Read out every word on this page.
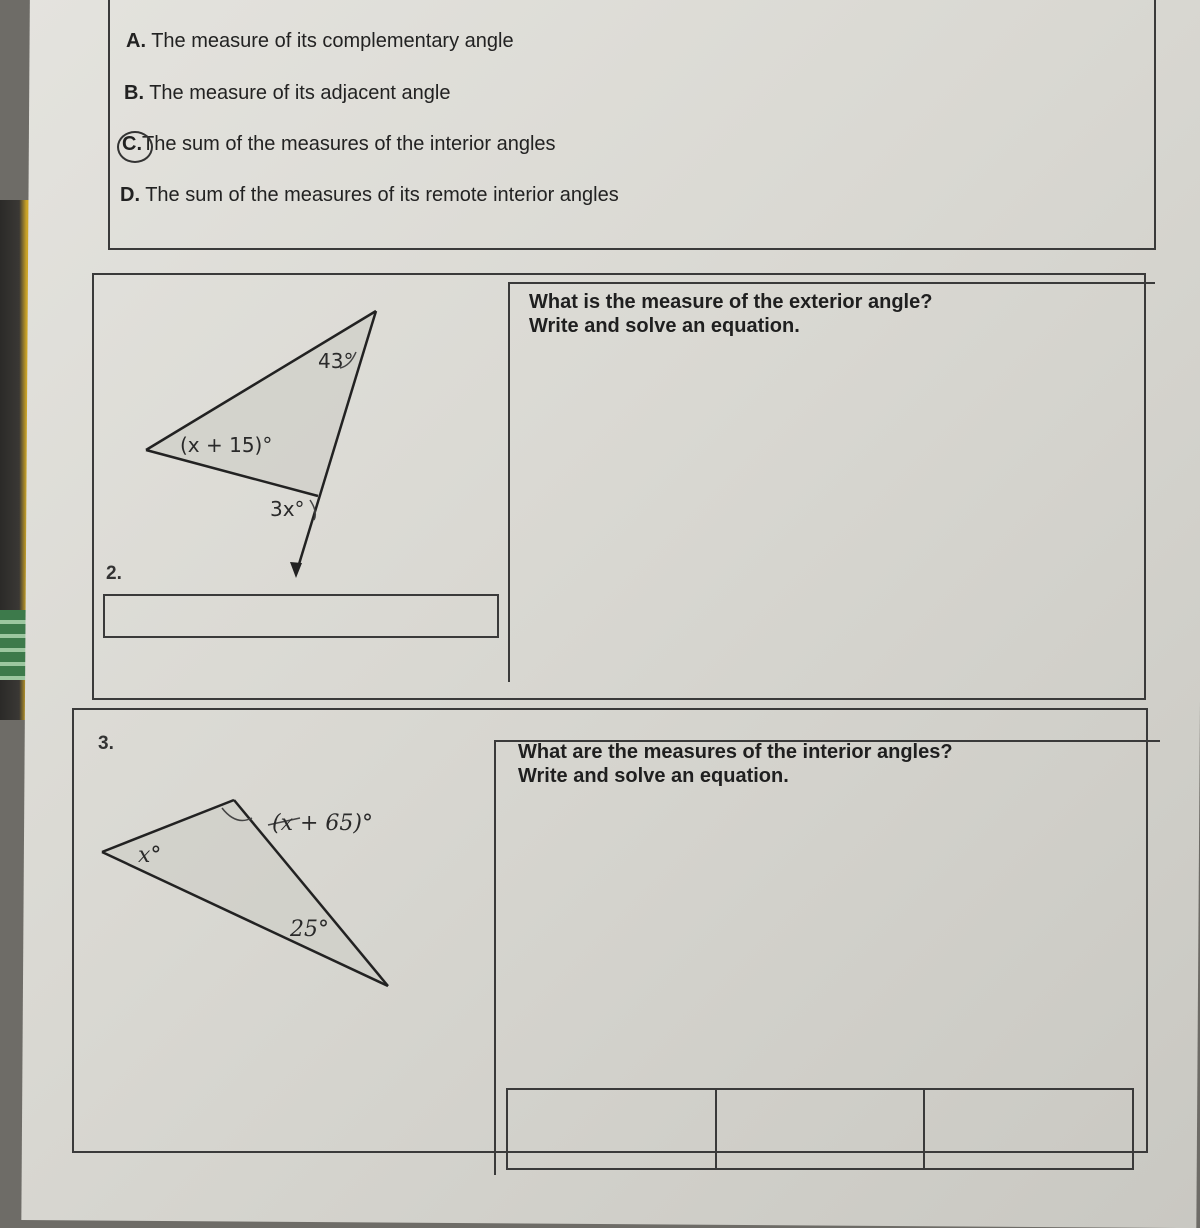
A. The measure of its complementary angle
B. The measure of its adjacent angle
C.The sum of the measures of the interior angles
D. The sum of the measures of its remote interior angles
What is the measure of the exterior angle?
Write and solve an equation.
2.
3.	What are the measures of the interior angles?
Write and solve an equation.
43°
(x + 15)°
3x°
(x + 65)°
x°
25°
